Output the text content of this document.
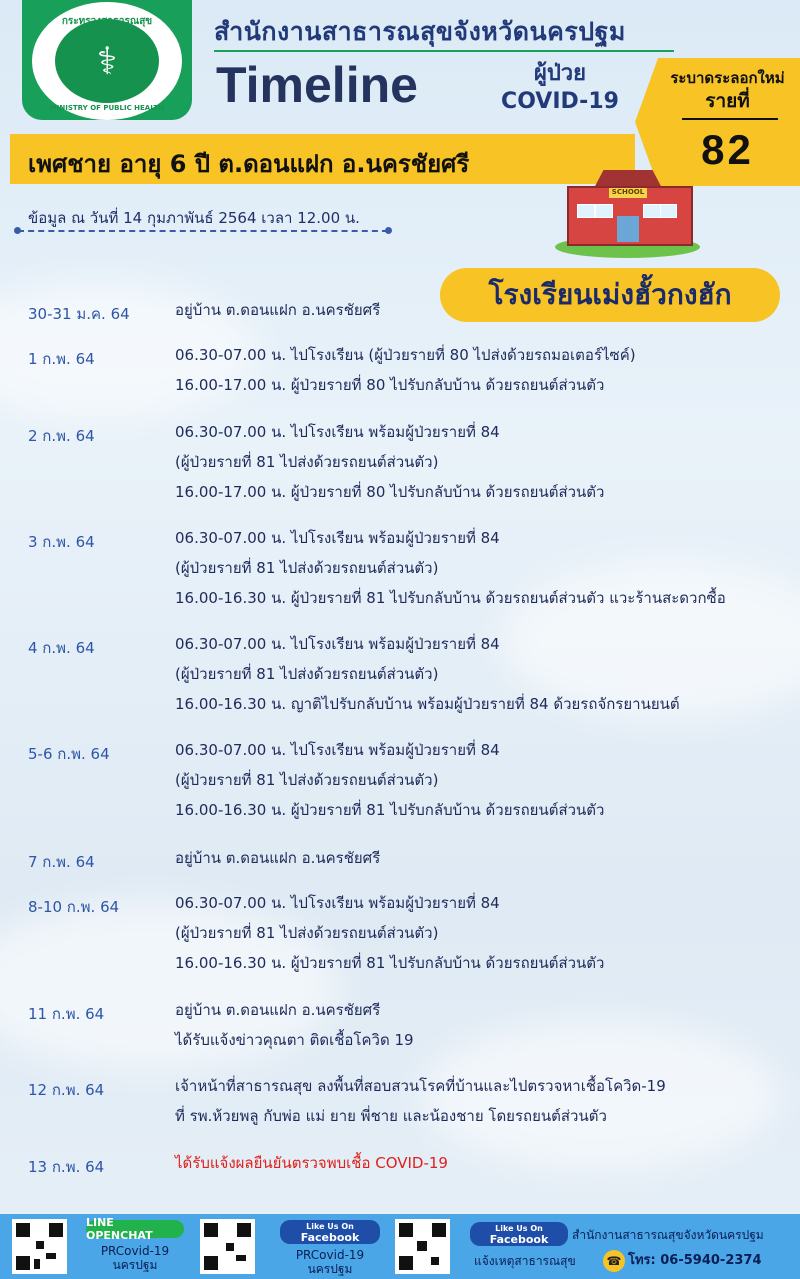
กระทรวงสาธารณสุข
⚕
MINISTRY OF PUBLIC HEALTH
สำนักงานสาธารณสุขจังหวัดนครปฐม
Timeline	ผู้ป่วย
COVID-19
ระบาดระลอกใหม่
รายที่
82
เพศชาย อายุ 6 ปี ต.ดอนแฝก อ.นครชัยศรี
ข้อมูล ณ วันที่ 14 กุมภาพันธ์ 2564 เวลา 12.00 น.
SCHOOL
โรงเรียนเม่งฮั้วกงฮัก
30-31 ม.ค. 64	อยู่บ้าน ต.ดอนแฝก อ.นครชัยศรี
1 ก.พ. 64	06.30-07.00 น. ไปโรงเรียน (ผู้ป่วยรายที่ 80 ไปส่งด้วยรถมอเตอร์ไซค์)
16.00-17.00 น. ผู้ป่วยรายที่ 80 ไปรับกลับบ้าน ด้วยรถยนต์ส่วนตัว
2 ก.พ. 64	06.30-07.00 น. ไปโรงเรียน พร้อมผู้ป่วยรายที่ 84
(ผู้ป่วยรายที่ 81 ไปส่งด้วยรถยนต์ส่วนตัว)
16.00-17.00 น. ผู้ป่วยรายที่ 80 ไปรับกลับบ้าน ด้วยรถยนต์ส่วนตัว
3 ก.พ. 64	06.30-07.00 น. ไปโรงเรียน พร้อมผู้ป่วยรายที่ 84
(ผู้ป่วยรายที่ 81 ไปส่งด้วยรถยนต์ส่วนตัว)
16.00-16.30 น. ผู้ป่วยรายที่ 81 ไปรับกลับบ้าน ด้วยรถยนต์ส่วนตัว แวะร้านสะดวกซื้อ
4 ก.พ. 64	06.30-07.00 น. ไปโรงเรียน พร้อมผู้ป่วยรายที่ 84
(ผู้ป่วยรายที่ 81 ไปส่งด้วยรถยนต์ส่วนตัว)
16.00-16.30 น. ญาติไปรับกลับบ้าน พร้อมผู้ป่วยรายที่ 84 ด้วยรถจักรยานยนต์
5-6 ก.พ. 64	06.30-07.00 น. ไปโรงเรียน พร้อมผู้ป่วยรายที่ 84
(ผู้ป่วยรายที่ 81 ไปส่งด้วยรถยนต์ส่วนตัว)
16.00-16.30 น. ผู้ป่วยรายที่ 81 ไปรับกลับบ้าน ด้วยรถยนต์ส่วนตัว
7 ก.พ. 64	อยู่บ้าน ต.ดอนแฝก อ.นครชัยศรี
8-10 ก.พ. 64	06.30-07.00 น. ไปโรงเรียน พร้อมผู้ป่วยรายที่ 84
(ผู้ป่วยรายที่ 81 ไปส่งด้วยรถยนต์ส่วนตัว)
16.00-16.30 น. ผู้ป่วยรายที่ 81 ไปรับกลับบ้าน ด้วยรถยนต์ส่วนตัว
11 ก.พ. 64	อยู่บ้าน ต.ดอนแฝก อ.นครชัยศรี
ได้รับแจ้งข่าวคุณตา ติดเชื้อโควิด 19
12 ก.พ. 64	เจ้าหน้าที่สาธารณสุข ลงพื้นที่สอบสวนโรคที่บ้านและไปตรวจหาเชื้อโควิด-19
ที่ รพ.ห้วยพลู กับพ่อ แม่ ยาย พี่ชาย และน้องชาย โดยรถยนต์ส่วนตัว
13 ก.พ. 64	ได้รับแจ้งผลยืนยันตรวจพบเชื้อ COVID-19
LINE OPENCHAT
PRCovid-19
นครปฐม
Like Us On
Facebook
PRCovid-19
นครปฐม
Like Us On
Facebook สำนักงานสาธารณสุขจังหวัดนครปฐม
แจ้งเหตุสาธารณสุข	โทร: 06-5940-2374
☎
